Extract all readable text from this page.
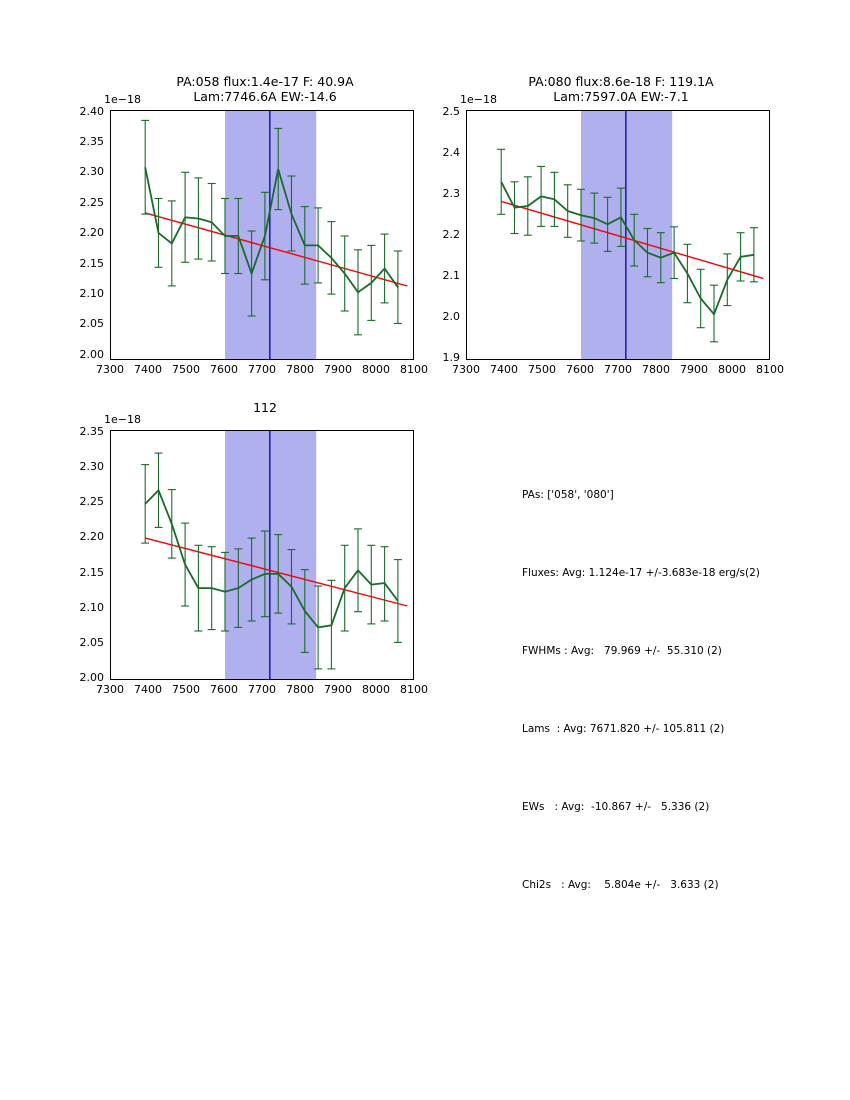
PA:058 flux:1.4e-17 F: 40.9A
Lam:7746.6A EW:-14.6
1e−18
2.40
2.35
2.30
2.25
2.20
2.15
2.10
2.05
2.00
7300 7400 7500 7600 7700 7800 7900 8000 8100
PA:080 flux:8.6e-18 F: 119.1A
Lam:7597.0A EW:-7.1
1e−18
2.5
2.4
2.3
2.2
2.1
2.0
1.9
7300 7400 7500 7600 7700 7800 7900 8000 8100
112
1e−18
2.35
2.30
2.25
2.20
2.15
2.10
2.05
2.00
7300 7400 7500 7600 7700 7800 7900 8000 8100

PAs: ['058', '080']

Fluxes: Avg: 1.124e-17 +/-3.683e-18 erg/s(2)

FWHMs : Avg:   79.969 +/-  55.310 (2)

Lams  : Avg: 7671.820 +/- 105.811 (2)

EWs   : Avg:  -10.867 +/-   5.336 (2)

Chi2s   : Avg:    5.804e +/-   3.633 (2)
